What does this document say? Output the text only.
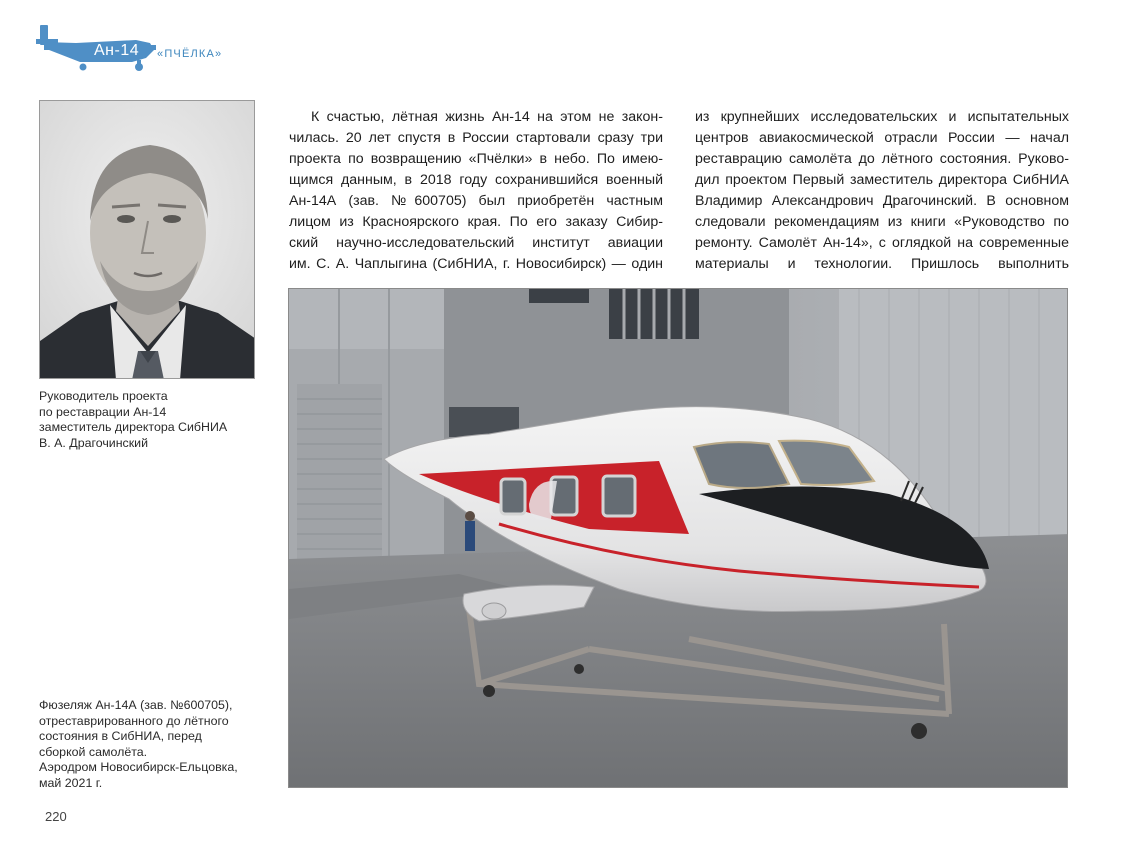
Ан-14 «ПЧЁЛКА»
Руководитель проекта
по реставрации Ан-14
заместитель директора СибНИА
В. А. Драгочинский
К счастью, лётная жизнь Ан-14 на этом не закон-
чилась. 20 лет спустя в России стартовали сразу три
проекта по возвращению «Пчёлки» в небо. По имею-
щимся данным, в 2018 году сохранившийся военный
Ан-14А (зав. №600705) был приобретён частным
лицом из Красноярского края. По его заказу Сибир-
ский научно-исследовательский институт авиации
им. С. А. Чаплыгина (СибНИА, г. Новосибирск) — один
из крупнейших исследовательских и испытательных
центров авиакосмической отрасли России — начал
реставрацию самолёта до лётного состояния. Руково-
дил проектом Первый заместитель директора СибНИА
Владимир Александрович Драгочинский. В основном
следовали рекомендациям из книги «Руководство по
ремонту. Самолёт Ан-14», с оглядкой на современные
материалы и технологии. Пришлось выполнить
Фюзеляж Ан-14А (зав. №600705),
отреставрированного до лётного
состояния в СибНИА, перед
сборкой самолёта.
Аэродром Новосибирск-Ельцовка,
май 2021 г.
220
